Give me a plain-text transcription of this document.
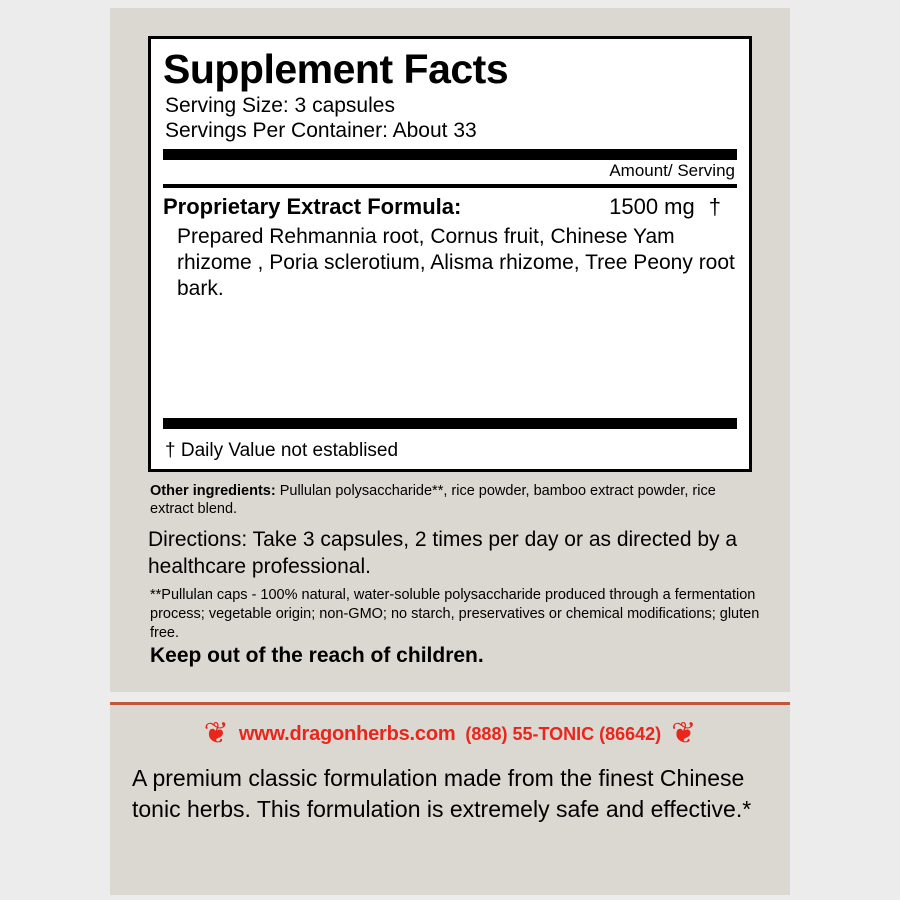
Supplement Facts
Serving Size: 3 capsules
Servings Per Container: About 33
Amount/ Serving
Proprietary Extract Formula:	1500 mg †
Prepared Rehmannia root, Cornus fruit, Chinese Yam rhizome , Poria sclerotium, Alisma rhizome, Tree Peony root bark.
† Daily Value not establised
Other ingredients: Pullulan polysaccharide**, rice powder, bamboo extract powder, rice extract blend.
Directions: Take 3 capsules, 2 times per day or as directed by a healthcare professional.
**Pullulan caps - 100% natural, water-soluble polysaccharide produced through a fermentation process; vegetable origin; non-GMO; no starch, preservatives or chemical modifications; gluten free.
Keep out of the reach of children.
❦ www.dragonherbs.com (888) 55-TONIC (86642) ❦
A premium classic formulation made from the finest Chinese tonic herbs. This formulation is extremely safe and effective.*
